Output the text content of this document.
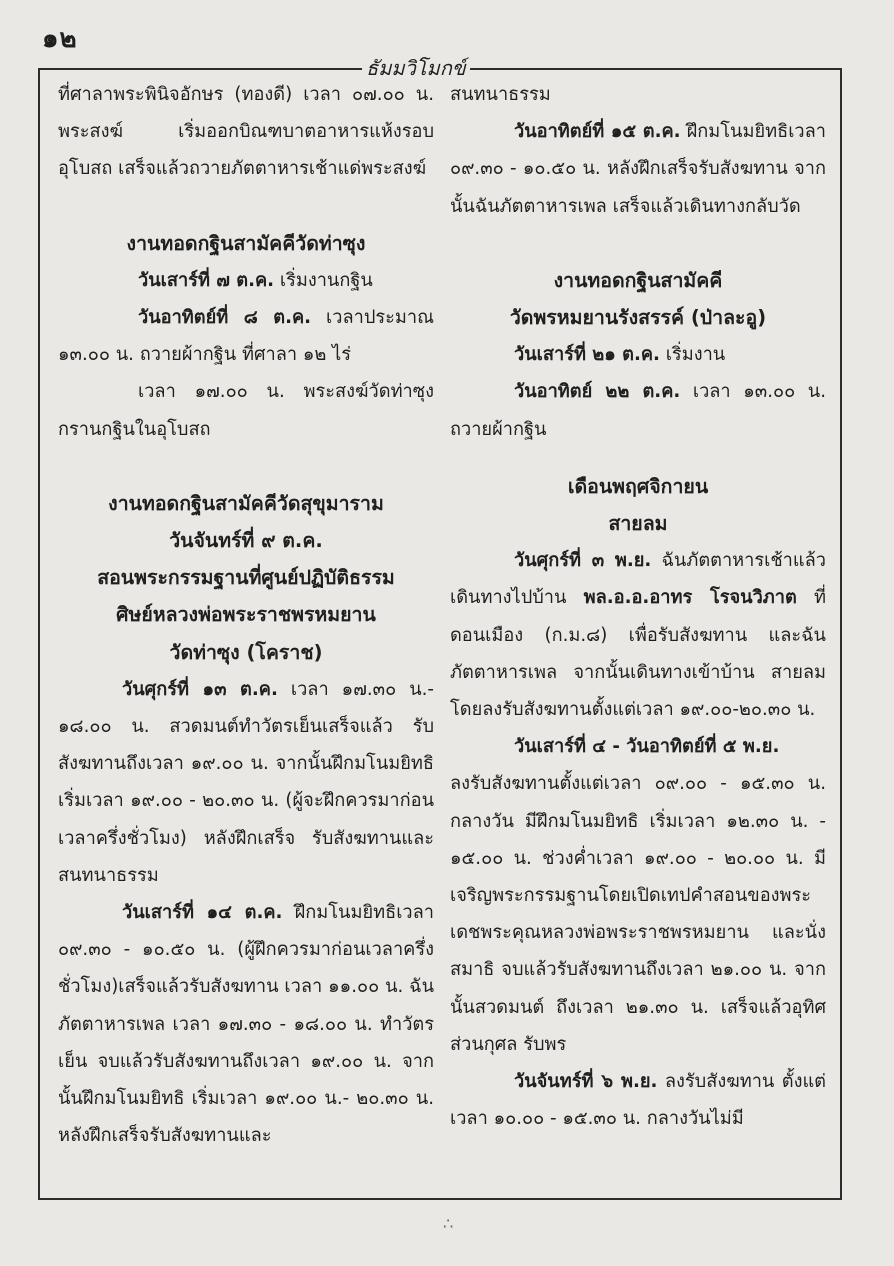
๑๒
ธัมมวิโมกข์

ที่ศาลาพระพินิจอักษร (ทองดี) เวลา ๐๗.๐๐ น. พระสงฆ์ เริ่มออกบิณฑบาตอาหารแห้งรอบอุโบสถ เสร็จแล้วถวายภัตตาหารเช้าแด่พระสงฆ์

งานทอดกฐินสามัคคีวัดท่าซุง

วันเสาร์ที่ ๗ ต.ค. เริ่มงานกฐิน

วันอาทิตย์ที่ ๘ ต.ค. เวลาประมาณ ๑๓.๐๐ น. ถวายผ้ากฐิน ที่ศาลา ๑๒ ไร่

เวลา ๑๗.๐๐ น. พระสงฆ์วัดท่าซุงกรานกฐินในอุโบสถ

งานทอดกฐินสามัคคีวัดสุขุมาราม

วันจันทร์ที่ ๙ ต.ค.

สอนพระกรรมฐานที่ศูนย์ปฏิบัติธรรม

ศิษย์หลวงพ่อพระราชพรหมยาน

วัดท่าซุง (โคราช)

วันศุกร์ที่ ๑๓ ต.ค. เวลา ๑๗.๓๐ น.- ๑๘.๐๐ น. สวดมนต์ทำวัตรเย็นเสร็จแล้ว รับสังฆทานถึงเวลา ๑๙.๐๐ น. จากนั้นฝึกมโนมยิทธิ เริ่มเวลา ๑๙.๐๐ - ๒๐.๓๐ น. (ผู้จะฝึกควรมาก่อนเวลาครึ่งชั่วโมง) หลังฝึกเสร็จ รับสังฆทานและสนทนาธรรม

วันเสาร์ที่ ๑๔ ต.ค. ฝึกมโนมยิทธิเวลา ๐๙.๓๐ - ๑๐.๕๐ น. (ผู้ฝึกควรมาก่อนเวลาครึ่งชั่วโมง)เสร็จแล้วรับสังฆทาน เวลา ๑๑.๐๐ น. ฉันภัตตาหารเพล เวลา ๑๗.๓๐ - ๑๘.๐๐ น. ทำวัตรเย็น จบแล้วรับสังฆทานถึงเวลา ๑๙.๐๐ น. จากนั้นฝึกมโนมยิทธิ เริ่มเวลา ๑๙.๐๐ น.- ๒๐.๓๐ น. หลังฝึกเสร็จรับสังฆทานและ

สนทนาธรรม

วันอาทิตย์ที่ ๑๕ ต.ค. ฝึกมโนมยิทธิเวลา ๐๙.๓๐ - ๑๐.๕๐ น. หลังฝึกเสร็จรับสังฆทาน จากนั้นฉันภัตตาหารเพล เสร็จแล้วเดินทางกลับวัด

งานทอดกฐินสามัคคี

วัดพรหมยานรังสรรค์ (ป่าละอู)

วันเสาร์ที่ ๒๑ ต.ค. เริ่มงาน

วันอาทิตย์ ๒๒ ต.ค. เวลา ๑๓.๐๐ น. ถวายผ้ากฐิน

เดือนพฤศจิกายน

สายลม

วันศุกร์ที่ ๓ พ.ย. ฉันภัตตาหารเช้าแล้ว เดินทางไปบ้าน พล.อ.อ.อาทร โรจนวิภาต ที่ดอนเมือง (ก.ม.๘) เพื่อรับสังฆทาน และฉันภัตตาหารเพล จากนั้นเดินทางเข้าบ้าน สายลม โดยลงรับสังฆทานตั้งแต่เวลา ๑๙.๐๐-๒๐.๓๐ น.

วันเสาร์ที่ ๔ - วันอาทิตย์ที่ ๕ พ.ย.

ลงรับสังฆทานตั้งแต่เวลา ๐๙.๐๐ - ๑๕.๓๐ น. กลางวัน มีฝึกมโนมยิทธิ เริ่มเวลา ๑๒.๓๐ น. - ๑๕.๐๐ น. ช่วงค่ำเวลา ๑๙.๐๐ - ๒๐.๐๐ น. มีเจริญพระกรรมฐานโดยเปิดเทปคำสอนของพระเดชพระคุณหลวงพ่อพระราชพรหมยาน และนั่งสมาธิ จบแล้วรับสังฆทานถึงเวลา ๒๑.๐๐ น. จากนั้นสวดมนต์ ถึงเวลา ๒๑.๓๐ น. เสร็จแล้วอุทิศส่วนกุศล รับพร

วันจันทร์ที่ ๖ พ.ย. ลงรับสังฆทาน ตั้งแต่เวลา ๑๐.๐๐ - ๑๕.๓๐ น. กลางวันไม่มี

∴
